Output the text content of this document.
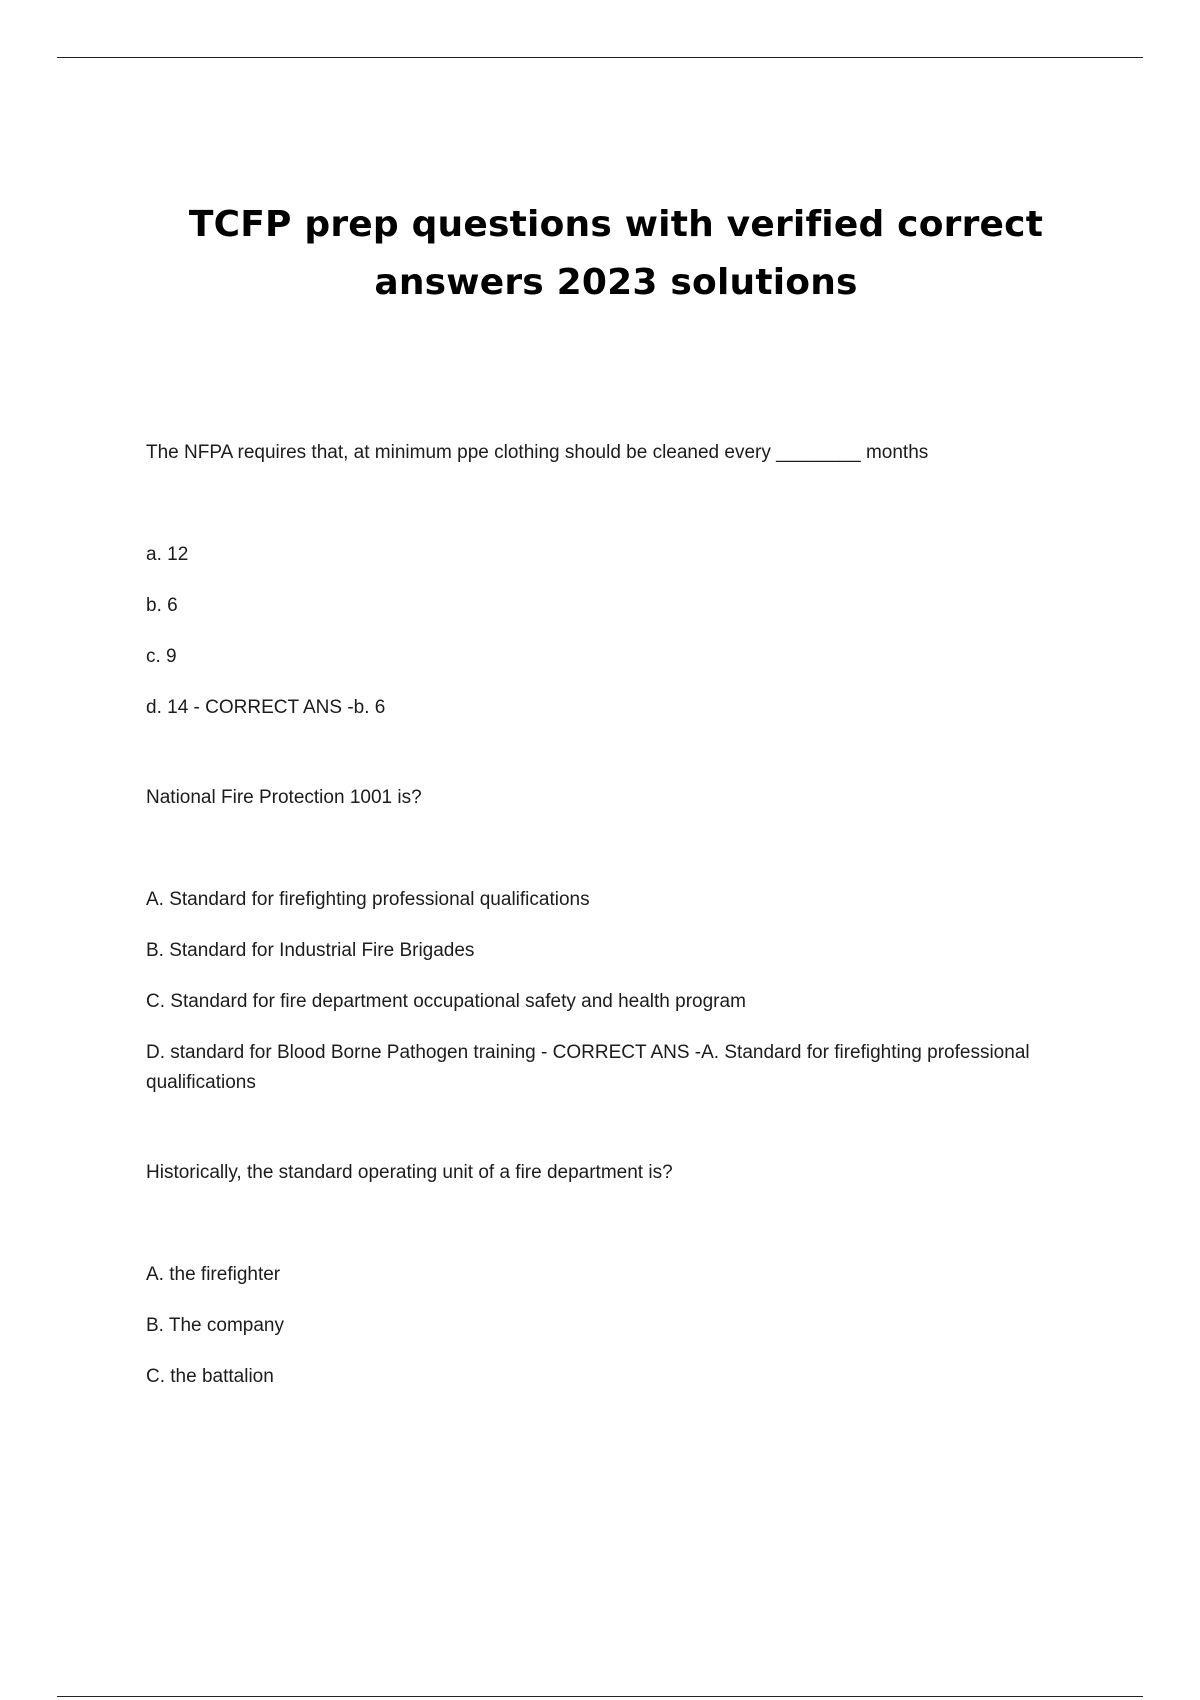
TCFP prep questions with verified correct
answers 2023 solutions

The NFPA requires that, at minimum ppe clothing should be cleaned every ________ months

a. 12

b. 6

c. 9

d. 14 - CORRECT ANS -b. 6

National Fire Protection 1001 is?

A. Standard for firefighting professional qualifications

B. Standard for Industrial Fire Brigades

C. Standard for fire department occupational safety and health program

D. standard for Blood Borne Pathogen training - CORRECT ANS -A. Standard for firefighting professional qualifications

Historically, the standard operating unit of a fire department is?

A. the firefighter

B. The company

C. the battalion
